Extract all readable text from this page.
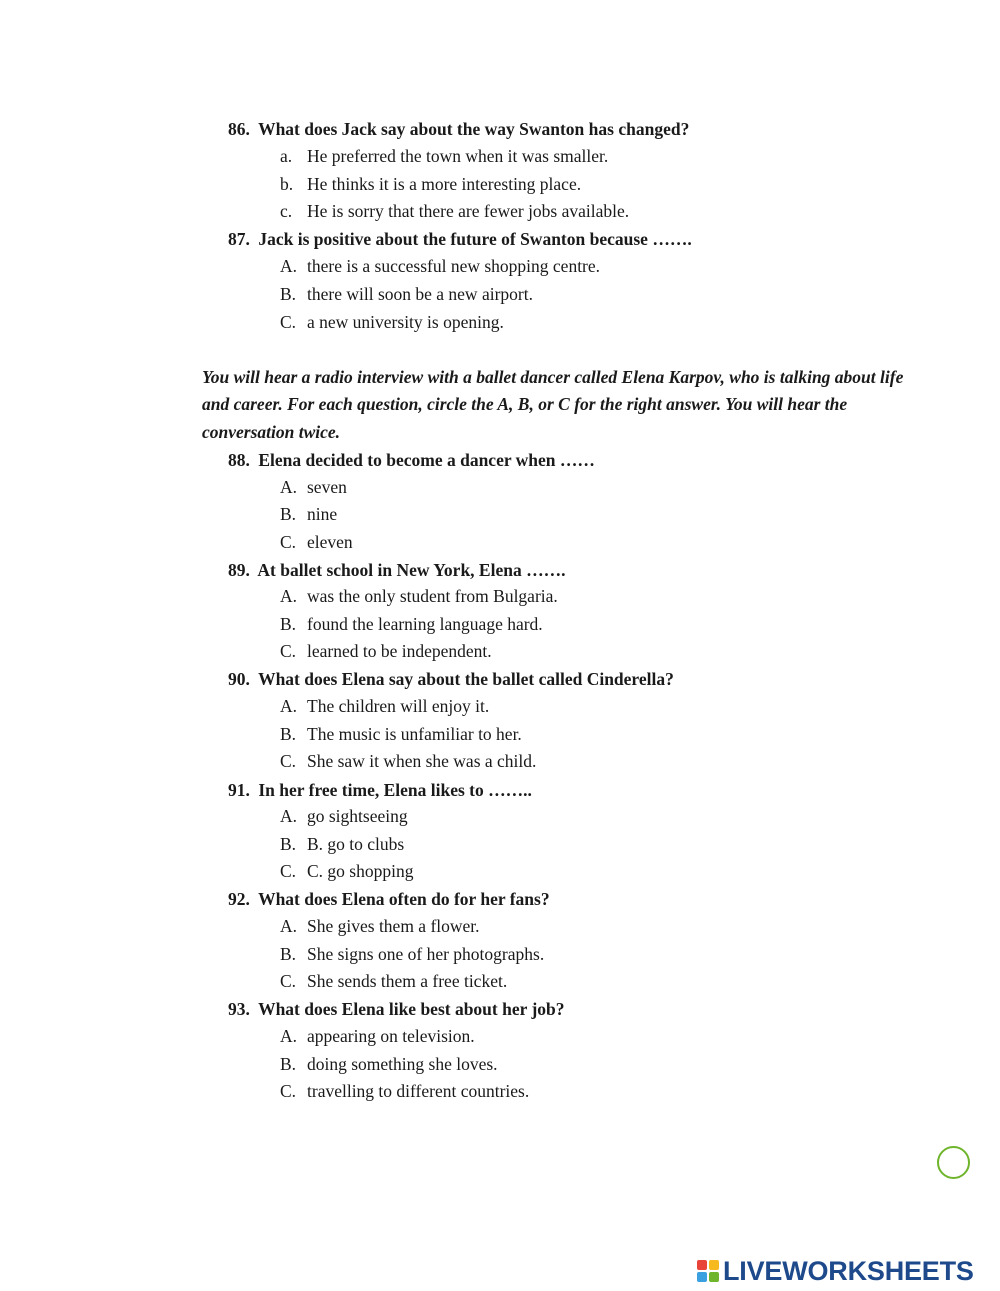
86. What does Jack say about the way Swanton has changed?
a. He preferred the town when it was smaller.
b. He thinks it is a more interesting place.
c. He is sorry that there are fewer jobs available.
87. Jack is positive about the future of Swanton because …….
A. there is a successful new shopping centre.
B. there will soon be a new airport.
C. a new university is opening.
You will hear a radio interview with a ballet dancer called Elena Karpov, who is talking about life
and career. For each question, circle the A, B, or C for the right answer. You will hear the
conversation twice.
88. Elena decided to become a dancer when ……
A. seven
B. nine
C. eleven
89. At ballet school in New York, Elena …….
A. was the only student from Bulgaria.
B. found the learning language hard.
C. learned to be independent.
90. What does Elena say about the ballet called Cinderella?
A. The children will enjoy it.
B. The music is unfamiliar to her.
C. She saw it when she was a child.
91. In her free time, Elena likes to ……..
A. go sightseeing
B. B. go to clubs
C. C. go shopping
92. What does Elena often do for her fans?
A. She gives them a flower.
B. She signs one of her photographs.
C. She sends them a free ticket.
93. What does Elena like best about her job?
A. appearing on television.
B. doing something she loves.
C. travelling to different countries.
LIVEWORKSHEETS
